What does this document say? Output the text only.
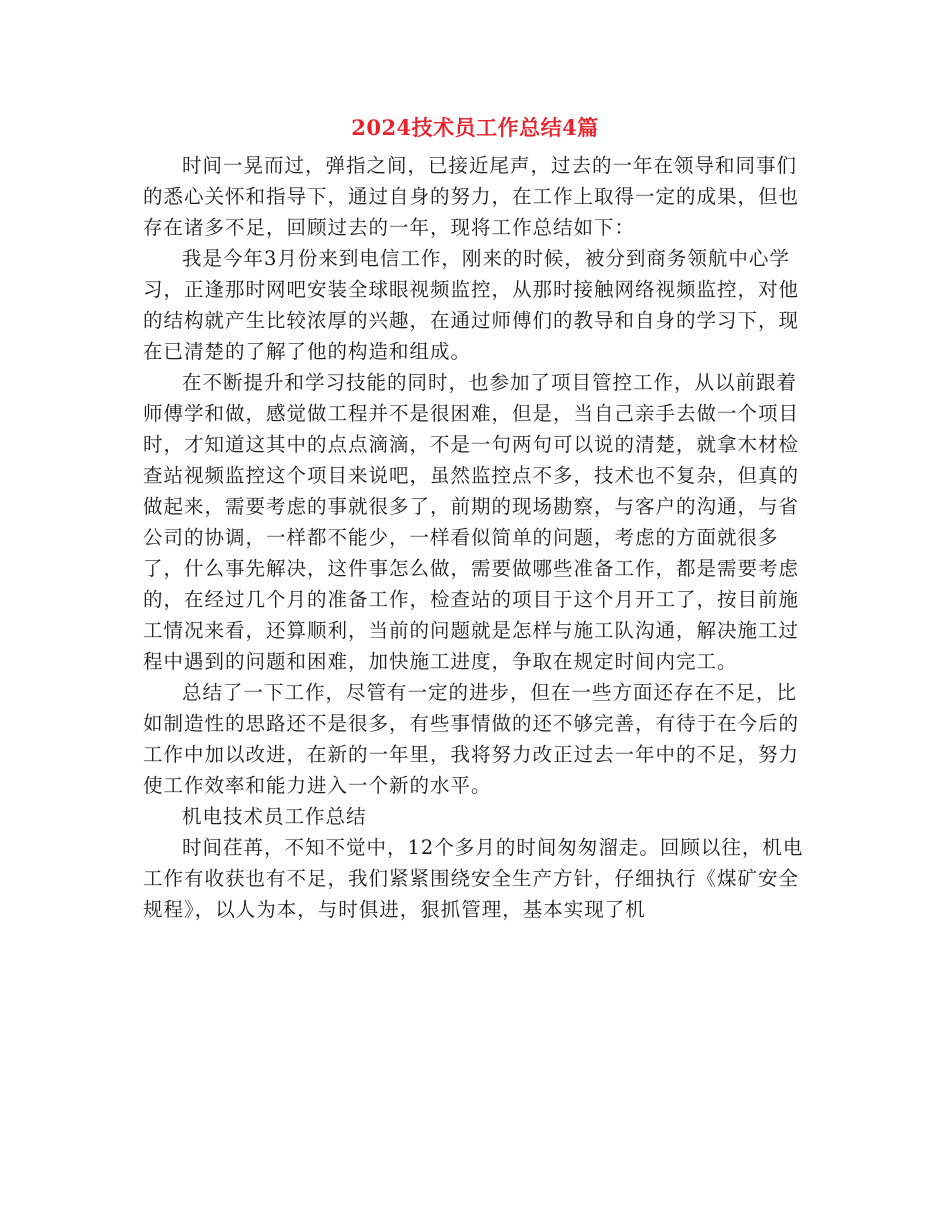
2024技术员工作总结4篇

时间一晃而过，弹指之间，已接近尾声，过去的一年在领导和同事们的悉心关怀和指导下，通过自身的努力，在工作上取得一定的成果，但也存在诸多不足，回顾过去的一年，现将工作总结如下：

我是今年3月份来到电信工作，刚来的时候，被分到商务领航中心学习，正逢那时网吧安装全球眼视频监控，从那时接触网络视频监控，对他的结构就产生比较浓厚的兴趣，在通过师傅们的教导和自身的学习下，现在已清楚的了解了他的构造和组成。

在不断提升和学习技能的同时，也参加了项目管控工作，从以前跟着师傅学和做，感觉做工程并不是很困难，但是，当自己亲手去做一个项目时，才知道这其中的点点滴滴，不是一句两句可以说的清楚，就拿木材检查站视频监控这个项目来说吧，虽然监控点不多，技术也不复杂，但真的做起来，需要考虑的事就很多了，前期的现场勘察，与客户的沟通，与省公司的协调，一样都不能少，一样看似简单的问题，考虑的方面就很多了，什么事先解决，这件事怎么做，需要做哪些准备工作，都是需要考虑的，在经过几个月的准备工作，检查站的项目于这个月开工了，按目前施工情况来看，还算顺利，当前的问题就是怎样与施工队沟通，解决施工过程中遇到的问题和困难，加快施工进度，争取在规定时间内完工。

总结了一下工作，尽管有一定的进步，但在一些方面还存在不足，比如制造性的思路还不是很多，有些事情做的还不够完善，有待于在今后的工作中加以改进，在新的一年里，我将努力改正过去一年中的不足，努力使工作效率和能力进入一个新的水平。

机电技术员工作总结

时间荏苒，不知不觉中，12个多月的时间匆匆溜走。回顾以往，机电工作有收获也有不足，我们紧紧围绕安全生产方针，仔细执行《煤矿安全规程》，以人为本，与时俱进，狠抓管理，基本实现了机
